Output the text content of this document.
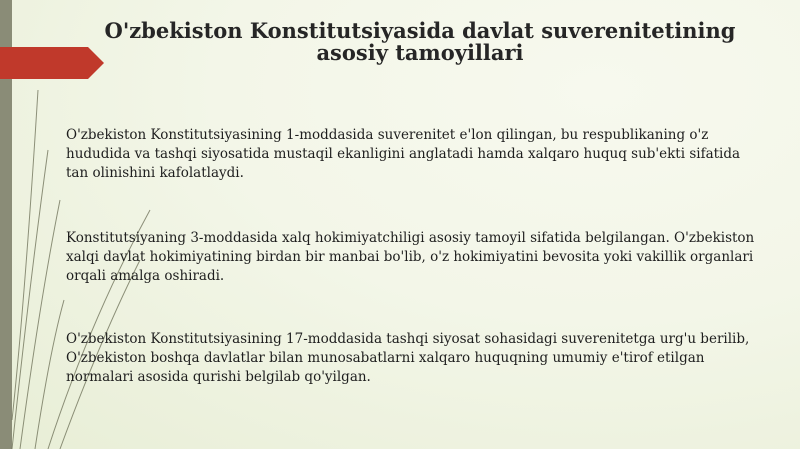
O'zbekiston Konstitutsiyasida davlat suverenitetining asosiy tamoyillari

O'zbekiston Konstitutsiyasining 1-moddasida suverenitet e'lon qilingan, bu respublikaning o'z hududida va tashqi siyosatida mustaqil ekanligini anglatadi hamda xalqaro huquq sub'ekti sifatida tan olinishini kafolatlaydi.

Konstitutsiyaning 3-moddasida xalq hokimiyatchiligi asosiy tamoyil sifatida belgilangan. O'zbekiston xalqi davlat hokimiyatining birdan bir manbai bo'lib, o'z hokimiyatini bevosita yoki vakillik organlari orqali amalga oshiradi.

O'zbekiston Konstitutsiyasining 17-moddasida tashqi siyosat sohasidagi suverenitetga urg'u berilib, O'zbekiston boshqa davlatlar bilan munosabatlarni xalqaro huquqning umumiy e'tirof etilgan normalari asosida qurishi belgilab qo'yilgan.
